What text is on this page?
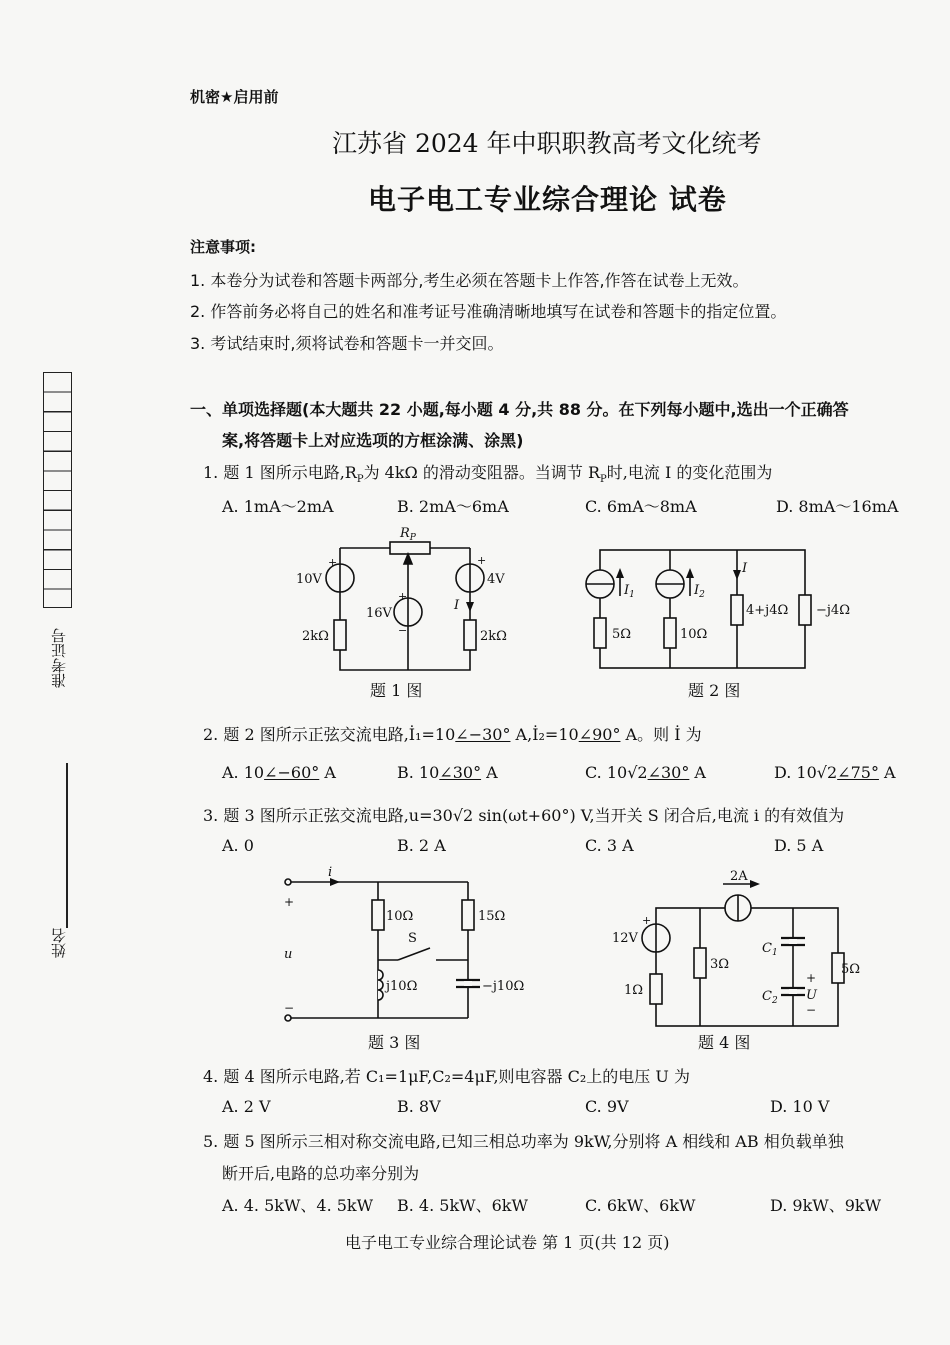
机密★启用前
江苏省 2024 年中职职教高考文化统考
电子电工专业综合理论 试卷
注意事项:
1. 本卷分为试卷和答题卡两部分,考生必须在答题卡上作答,作答在试卷上无效。
2. 作答前务必将自己的姓名和准考证号准确清晰地填写在试卷和答题卡的指定位置。
3. 考试结束时,须将试卷和答题卡一并交回。
准考证号
姓名
一、单项选择题(本大题共 22 小题,每小题 4 分,共 88 分。在下列每小题中,选出一个正确答
案,将答题卡上对应选项的方框涂满、涂黑)
1. 题 1 图所示电路$,R_P$为 4kΩ 的滑动变阻器。当调节 $R_P$时,电流 I 的变化范围为
A. 1mA～2mA	B. 2mA～6mA	C. 6mA～8mA	D. 8mA～16mA
$R_P$
10V
+
16V
+
−
4V
+
I
2kΩ	2kΩ
题 1 图
$I_1$	$I_2$
I
5Ω	10Ω
4+j4Ω −j4Ω
题 2 图
2. 题 2 图所示正弦交流电路,İ₁=10∠−30° A,İ₂=10∠90° A。则 İ 为
A. 10∠−60° A	B. 10∠30° A	C. 10√2∠30° A	D. 10√2∠75° A
3. 题 3 图所示正弦交流电路,u=30√2 sin(ωt+60°) V,当开关 S 闭合后,电流 i 的有效值为
A. 0	B. 2 A	C. 3 A	D. 5 A
i
+
u
−
10Ω	15Ω
S
j10Ω	−j10Ω
题 3 图
2A
12V
+
1Ω
3Ω
$C_1$
$C_2$
+
U
−
5Ω
题 4 图
4. 题 4 图所示电路,若 C₁=1μF,C₂=4μF,则电容器 C₂上的电压 U 为
A. 2 V	B. 8V	C. 9V	D. 10 V
5. 题 5 图所示三相对称交流电路,已知三相总功率为 9kW,分别将 A 相线和 AB 相负载单独
断开后,电路的总功率分别为
A. 4. 5kW、4. 5kW B. 4. 5kW、6kW	C. 6kW、6kW	D. 9kW、9kW
电子电工专业综合理论试卷 第 1 页(共 12 页)
